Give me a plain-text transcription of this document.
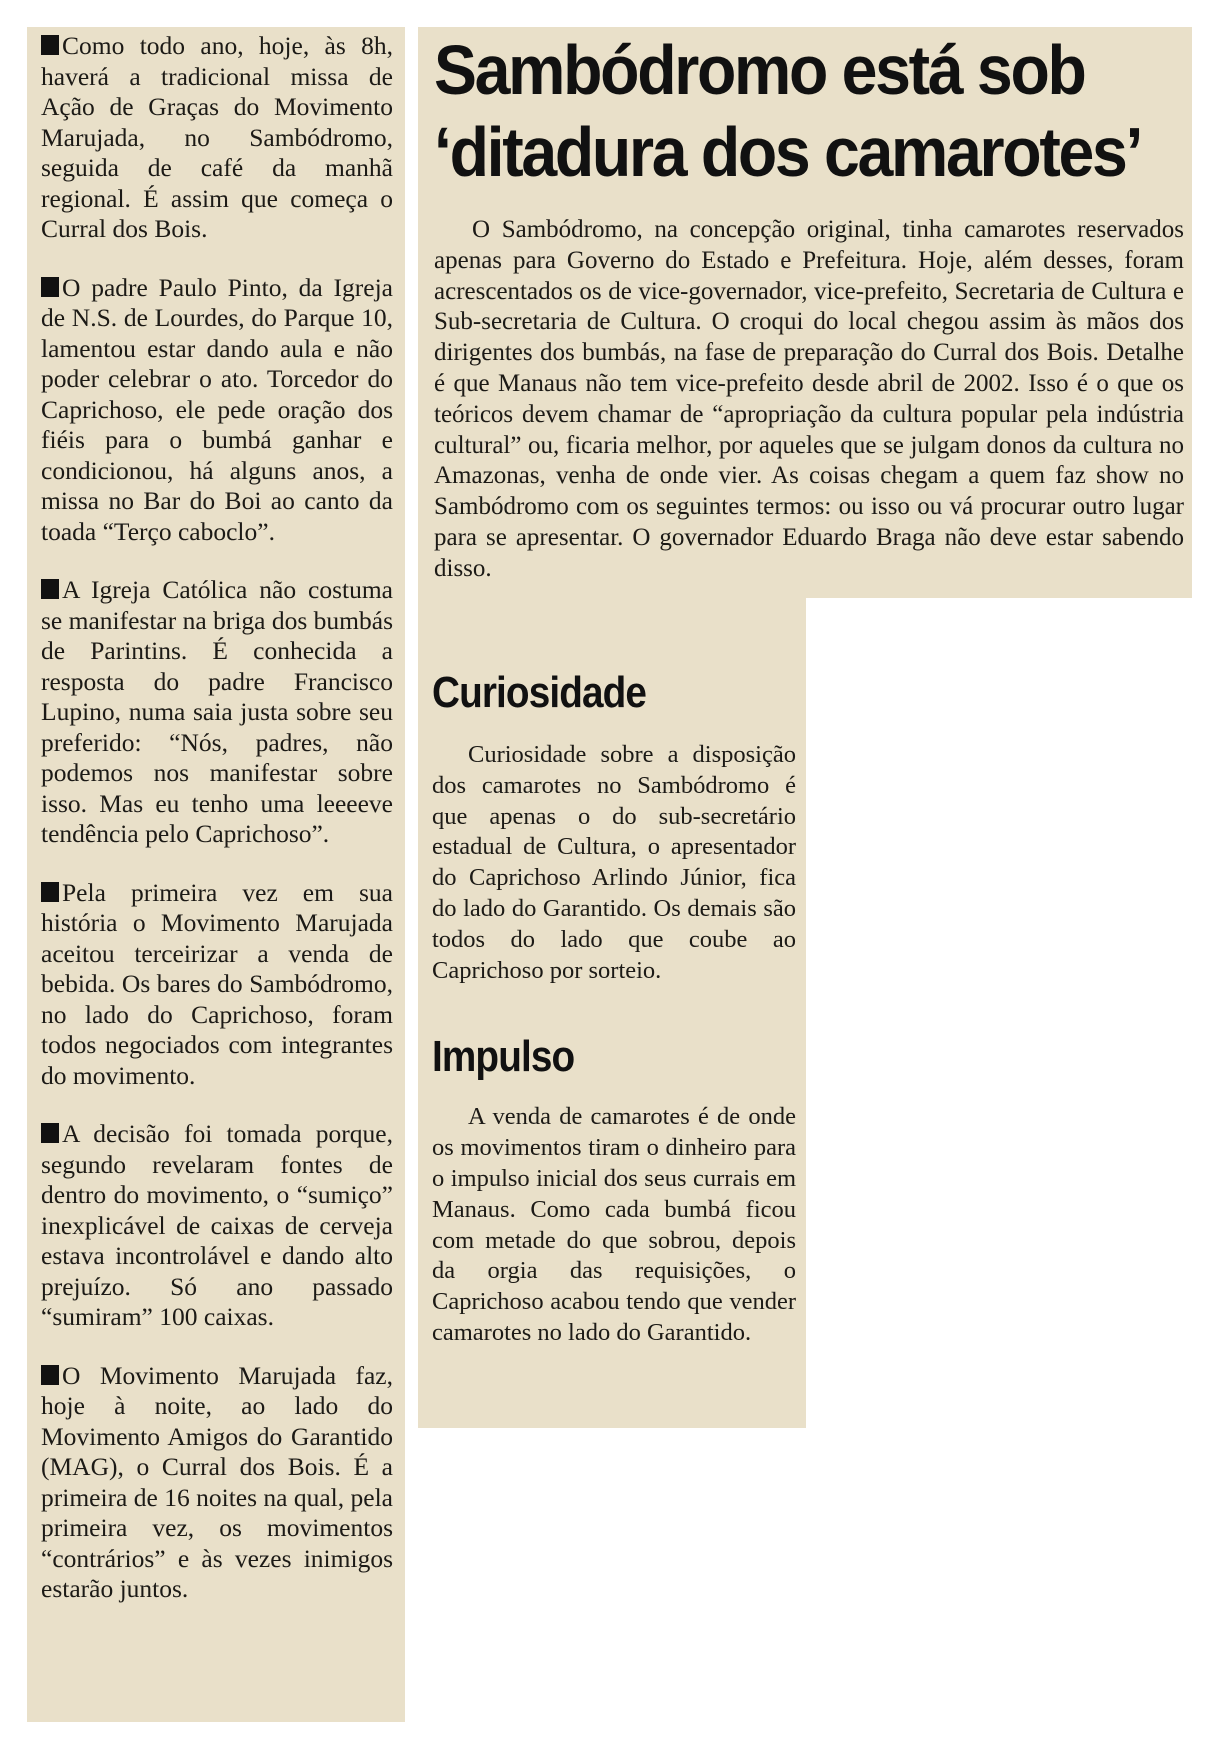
Como todo ano, hoje, às 8h, haverá a tradicional missa de Ação de Graças do Movimento Marujada, no Sambódromo, seguida de café da manhã regional. É assim que começa o Curral dos Bois.

O padre Paulo Pinto, da Igreja de N.S. de Lourdes, do Parque 10, lamentou estar dando aula e não poder celebrar o ato. Torcedor do Caprichoso, ele pede oração dos fiéis para o bumbá ganhar e condicionou, há alguns anos, a missa no Bar do Boi ao canto da toada “Terço caboclo”.

A Igreja Católica não costuma se manifestar na briga dos bumbás de Parintins. É conhecida a resposta do padre Francisco Lupino, numa saia justa sobre seu preferido: “Nós, padres, não podemos nos manifestar sobre isso. Mas eu tenho uma leeeeve tendência pelo Caprichoso”.

Pela primeira vez em sua história o Movimento Marujada aceitou terceirizar a venda de bebida. Os bares do Sambódromo, no lado do Caprichoso, foram todos negociados com integrantes do movimento.

A decisão foi tomada porque, segundo revelaram fontes de dentro do movimento, o “sumiço” inexplicável de caixas de cerveja estava incontrolável e dando alto prejuízo. Só ano passado “sumiram” 100 caixas.

O Movimento Marujada faz, hoje à noite, ao lado do Movimento Amigos do Garantido (MAG), o Curral dos Bois. É a primeira de 16 noites na qual, pela primeira vez, os movimentos “contrários” e às vezes inimigos estarão juntos.

Sambódromo está sob
‘ditadura dos camarotes’

O Sambódromo, na concepção original, tinha camarotes reservados apenas para Governo do Estado e Prefeitura. Hoje, além desses, foram acrescentados os de vice-governador, vice-prefeito, Secretaria de Cultura e Sub-secretaria de Cultura. O croqui do local chegou assim às mãos dos dirigentes dos bumbás, na fase de preparação do Curral dos Bois. Detalhe é que Manaus não tem vice-prefeito desde abril de 2002. Isso é o que os teóricos devem chamar de “apropriação da cultura popular pela indústria cultural” ou, ficaria melhor, por aqueles que se julgam donos da cultura no Amazonas, venha de onde vier. As coisas chegam a quem faz show no Sambódromo com os seguintes termos: ou isso ou vá procurar outro lugar para se apresentar. O governador Eduardo Braga não deve estar sabendo disso.

Curiosidade

Curiosidade sobre a disposição dos camarotes no Sambódromo é que apenas o do sub-secretário estadual de Cultura, o apresentador do Caprichoso Arlindo Júnior, fica do lado do Garantido. Os demais são todos do lado que coube ao Caprichoso por sorteio.

Impulso

A venda de camarotes é de onde os movimentos tiram o dinheiro para o impulso inicial dos seus currais em Manaus. Como cada bumbá ficou com metade do que sobrou, depois da orgia das requisições, o Caprichoso acabou tendo que vender camarotes no lado do Garantido.
